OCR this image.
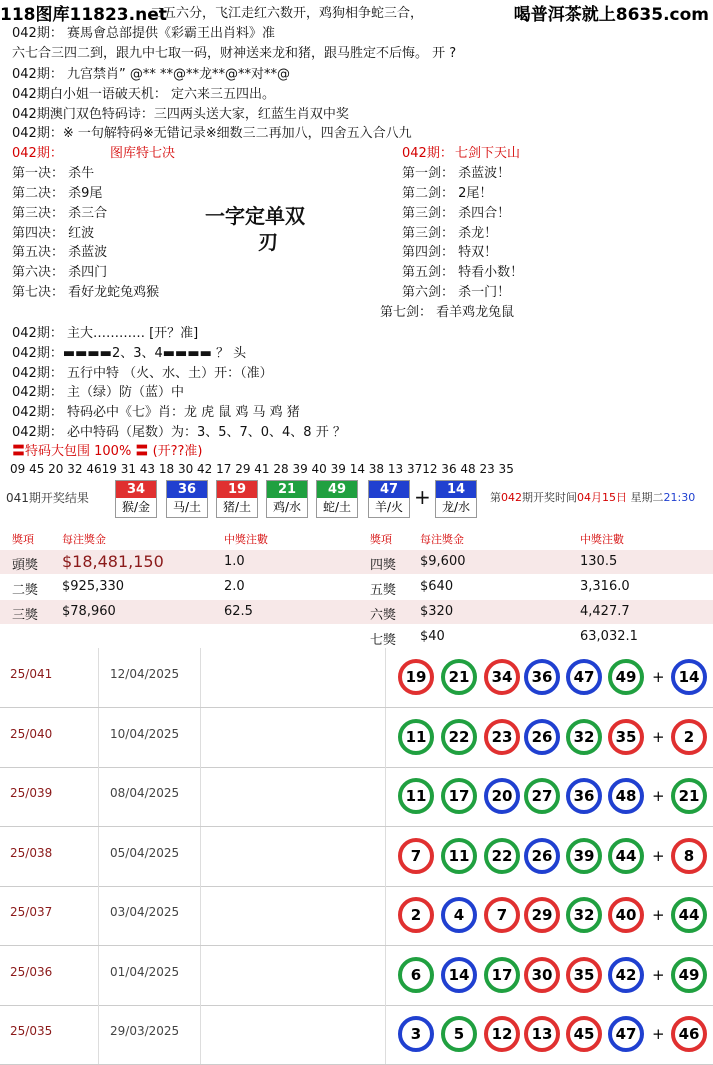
二五六分，飞江走红六数开，鸡狗相争蛇三合，
118图库11823.net	喝普洱茶就上8635.com
042期： 赛馬會总部提供《彩霸王出肖料》准
六七合三四二到，跟九中七取一码，财神送来龙和猪，跟马胜定不后悔。 开 ?
042期： 九宫禁肖” @** **@**龙**@**对**@
042期白小姐一语破天机： 定六来三五四出。
042期澳门双色特码诗：三四两头送大家，红蓝生肖双中奖
042期：※ 一句解特码※无错记录※细数三二再加八，四舍五入合八九
042期：	图库特七决
第一决： 杀牛
第二决： 杀9尾
第三决： 杀三合
第四决： 红波
第五决： 杀蓝波
第六决： 杀四门
第七决： 看好龙蛇兔鸡猴
一字定单双
刃
042期： 七剑下天山
第一剑： 杀蓝波！
第二剑： 2尾！
第三剑： 杀四合！
第三剑： 杀龙！
第四剑： 特双！
第五剑： 特看小数！
第六剑： 杀一门！
第七剑： 看羊鸡龙兔鼠
042期： 主大………… [开？准]
042期：▬▬▬▬2、3、4▬▬▬▬ ？ 头
042期： 五行中特 （火、水、土）开：（准）
042期： 主（绿）防（蓝）中
042期： 特码必中《七》肖：龙 虎 鼠 鸡 马 鸡 猪
042期： 必中特码（尾数）为：3、5、7、0、4、8 开 ？
〓特码大包围 100% 〓 (开??准)
09 45 20 32 4619 31 43 18 30 42 17 29 41 28 39 40 39 14 38 13 3712 36 48 23 35
041期开奖结果
34
猴/金
36
马/土
19
猪/土
21
鸡/水
49
蛇/土
47
羊/火 +	14
龙/水
第042期开奖时间04月15日 星期二21:30
獎項	每注獎金	中獎注數	獎項	每注獎金	中獎注數
頭獎 $18,481,150	1.0	四獎 $9,600	130.5
二獎 $925,330	2.0	五獎 $640	3,316.0
三獎 $78,960	62.5	六獎 $320	4,427.7
七獎 $40	63,032.1
25/041	12/04/2025	19	21	34	36	47	49	+ 14
25/040	10/04/2025	11	22	23	26	32	35	+	2
25/039	08/04/2025	11	17	20	27	36	48	+ 21
25/038	05/04/2025	7	11	22	26	39	44	+	8
25/037	03/04/2025	2	4	7	29	32	40	+ 44
25/036	01/04/2025	6	14	17	30	35	42	+ 49
25/035	29/03/2025	3	5	12	13	45	47	+ 46
